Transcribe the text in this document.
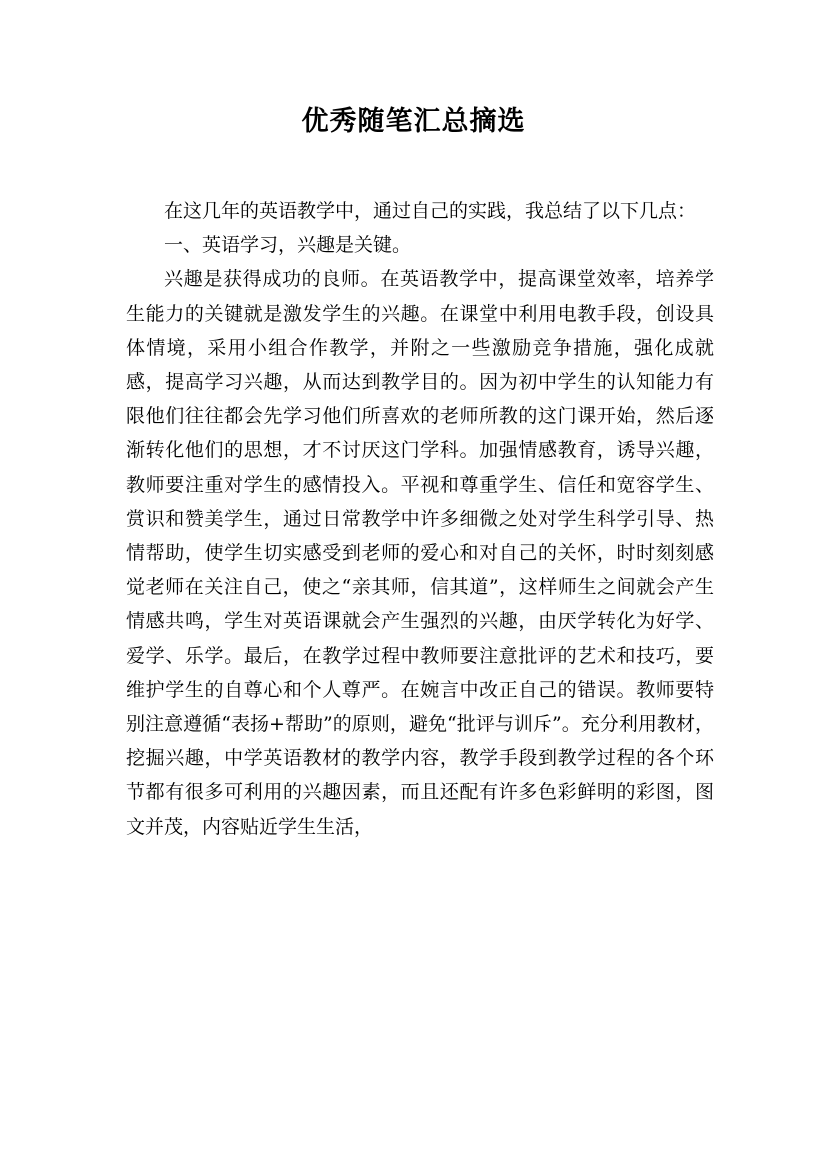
优秀随笔汇总摘选

在这几年的英语教学中，通过自己的实践，我总结了以下几点：

一、英语学习，兴趣是关键。

兴趣是获得成功的良师。在英语教学中，提高课堂效率，培养学生能力的关键就是激发学生的兴趣。在课堂中利用电教手段，创设具体情境，采用小组合作教学，并附之一些激励竞争措施，强化成就感，提高学习兴趣，从而达到教学目的。因为初中学生的认知能力有限他们往往都会先学习他们所喜欢的老师所教的这门课开始，然后逐渐转化他们的思想，才不讨厌这门学科。加强情感教育，诱导兴趣，教师要注重对学生的感情投入。平视和尊重学生、信任和宽容学生、赏识和赞美学生，通过日常教学中许多细微之处对学生科学引导、热情帮助，使学生切实感受到老师的爱心和对自己的关怀，时时刻刻感觉老师在关注自己，使之“亲其师，信其道”，这样师生之间就会产生情感共鸣，学生对英语课就会产生强烈的兴趣，由厌学转化为好学、爱学、乐学。最后，在教学过程中教师要注意批评的艺术和技巧，要维护学生的自尊心和个人尊严。在婉言中改正自己的错误。教师要特别注意遵循“表扬+帮助”的原则，避免“批评与训斥”。充分利用教材，挖掘兴趣，中学英语教材的教学内容，教学手段到教学过程的各个环节都有很多可利用的兴趣因素，而且还配有许多色彩鲜明的彩图，图文并茂，内容贴近学生生活，
